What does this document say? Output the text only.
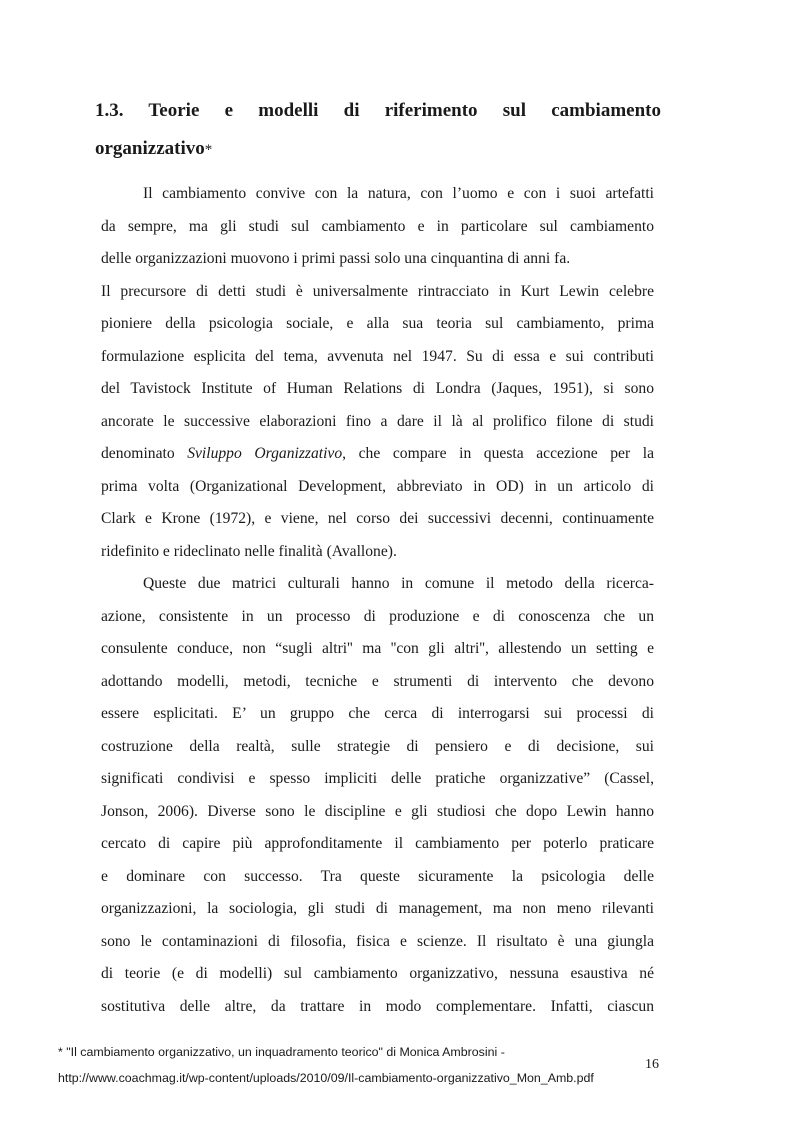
1.3. Teorie e modelli di riferimento sul cambiamento
organizzativo*
Il cambiamento convive con la natura, con l’uomo e con i suoi artefatti
da sempre, ma gli studi sul cambiamento e in particolare sul cambiamento
delle organizzazioni muovono i primi passi solo una cinquantina di anni fa.
Il precursore di detti studi è universalmente rintracciato in Kurt Lewin celebre
pioniere della psicologia sociale, e alla sua teoria sul cambiamento, prima
formulazione esplicita del tema, avvenuta nel 1947. Su di essa e sui contributi
del Tavistock Institute of Human Relations di Londra (Jaques, 1951), si sono
ancorate le successive elaborazioni fino a dare il là al prolifico filone di studi
denominato Sviluppo Organizzativo, che compare in questa accezione per la
prima volta (Organizational Development, abbreviato in OD) in un articolo di
Clark e Krone (1972), e viene, nel corso dei successivi decenni, continuamente
ridefinito e rideclinato nelle finalità (Avallone).
Queste due matrici culturali hanno in comune il metodo della ricerca-
azione, consistente in un processo di produzione e di conoscenza che un
consulente conduce, non “sugli altri'' ma ''con gli altri'', allestendo un setting e
adottando modelli, metodi, tecniche e strumenti di intervento che devono
essere esplicitati. E’ un gruppo che cerca di interrogarsi sui processi di
costruzione della realtà, sulle strategie di pensiero e di decisione, sui
significati condivisi e spesso impliciti delle pratiche organizzative” (Cassel,
Jonson, 2006). Diverse sono le discipline e gli studiosi che dopo Lewin hanno
cercato di capire più approfonditamente il cambiamento per poterlo praticare
e dominare con successo. Tra queste sicuramente la psicologia delle
organizzazioni, la sociologia, gli studi di management, ma non meno rilevanti
sono le contaminazioni di filosofia, fisica e scienze. Il risultato è una giungla
di teorie (e di modelli) sul cambiamento organizzativo, nessuna esaustiva né
sostitutiva delle altre, da trattare in modo complementare. Infatti, ciascun
* "Il cambiamento organizzativo, un inquadramento teorico" di Monica Ambrosini -
http://www.coachmag.it/wp-content/uploads/2010/09/Il-cambiamento-organizzativo_Mon_Amb.pdf
16
